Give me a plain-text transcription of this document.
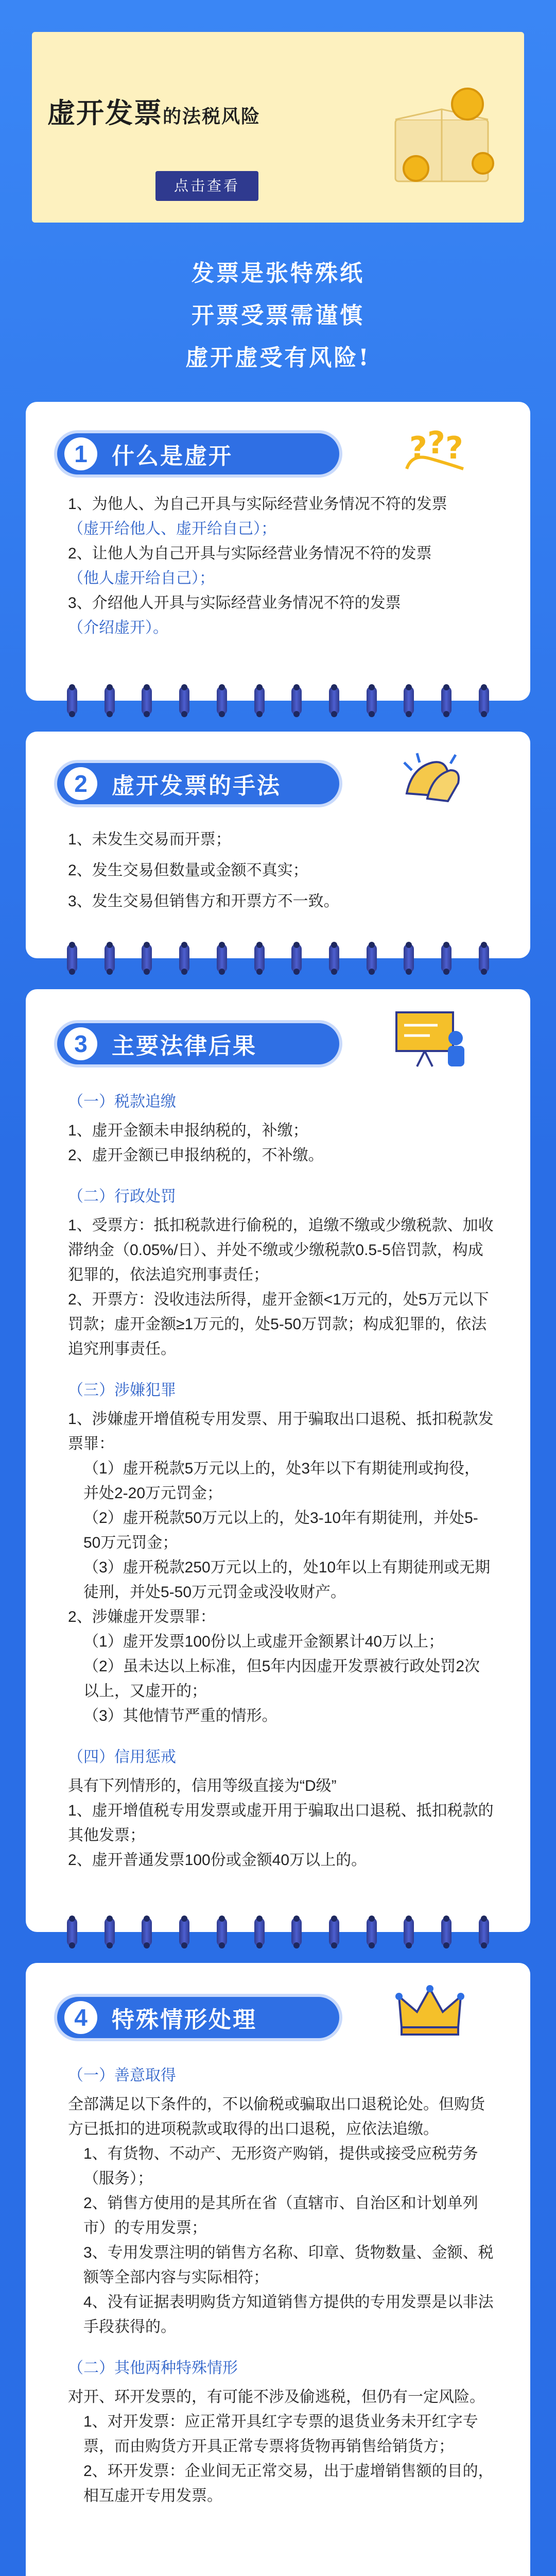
虚开发票的法税风险
点击查看
发票是张特殊纸
开票受票需谨慎
虚开虚受有风险!
1	什么是虚开	? ? ?

1、为他人、为自己开具与实际经营业务情况不符的发票

（虚开给他人、虚开给自己）；

2、让他人为自己开具与实际经营业务情况不符的发票

（他人虚开给自己）；

3、介绍他人开具与实际经营业务情况不符的发票

（介绍虚开）。

2	虚开发票的手法

1、未发生交易而开票；

2、发生交易但数量或金额不真实；

3、发生交易但销售方和开票方不一致。

3	主要法律后果
（一）税款追缴

1、虚开金额未申报纳税的，补缴；

2、虚开金额已申报纳税的，不补缴。

（二）行政处罚

1、受票方：抵扣税款进行偷税的，追缴不缴或少缴税款、加收滞纳金（0.05%/日）、并处不缴或少缴税款0.5-5倍罚款，构成犯罪的，依法追究刑事责任；

2、开票方：没收违法所得，虚开金额<1万元的，处5万元以下罚款；虚开金额≥1万元的，处5-50万罚款；构成犯罪的，依法追究刑事责任。

（三）涉嫌犯罪

1、涉嫌虚开增值税专用发票、用于骗取出口退税、抵扣税款发票罪：

（1）虚开税款5万元以上的，处3年以下有期徒刑或拘役，并处2-20万元罚金；

（2）虚开税款50万元以上的，处3-10年有期徒刑，并处5-50万元罚金；

（3）虚开税款250万元以上的，处10年以上有期徒刑或无期徒刑，并处5-50万元罚金或没收财产。

2、涉嫌虚开发票罪：

（1）虚开发票100份以上或虚开金额累计40万以上；

（2）虽未达以上标准，但5年内因虚开发票被行政处罚2次以上，又虚开的；

（3）其他情节严重的情形。

（四）信用惩戒

具有下列情形的，信用等级直接为“D级”

1、虚开增值税专用发票或虚开用于骗取出口退税、抵扣税款的其他发票；

2、虚开普通发票100份或金额40万以上的。

4	特殊情形处理
（一）善意取得

全部满足以下条件的，不以偷税或骗取出口退税论处。但购货方已抵扣的进项税款或取得的出口退税，应依法追缴。

1、有货物、不动产、无形资产购销，提供或接受应税劳务（服务）；

2、销售方使用的是其所在省（直辖市、自治区和计划单列市）的专用发票；

3、专用发票注明的销售方名称、印章、货物数量、金额、税额等全部内容与实际相符；

4、没有证据表明购货方知道销售方提供的专用发票是以非法手段获得的。

（二）其他两种特殊情形

对开、环开发票的，有可能不涉及偷逃税，但仍有一定风险。

1、对开发票：应正常开具红字专票的退货业务未开红字专票，而由购货方开具正常专票将货物再销售给销货方；

2、环开发票：企业间无正常交易，出于虚增销售额的目的，相互虚开专用发票。
